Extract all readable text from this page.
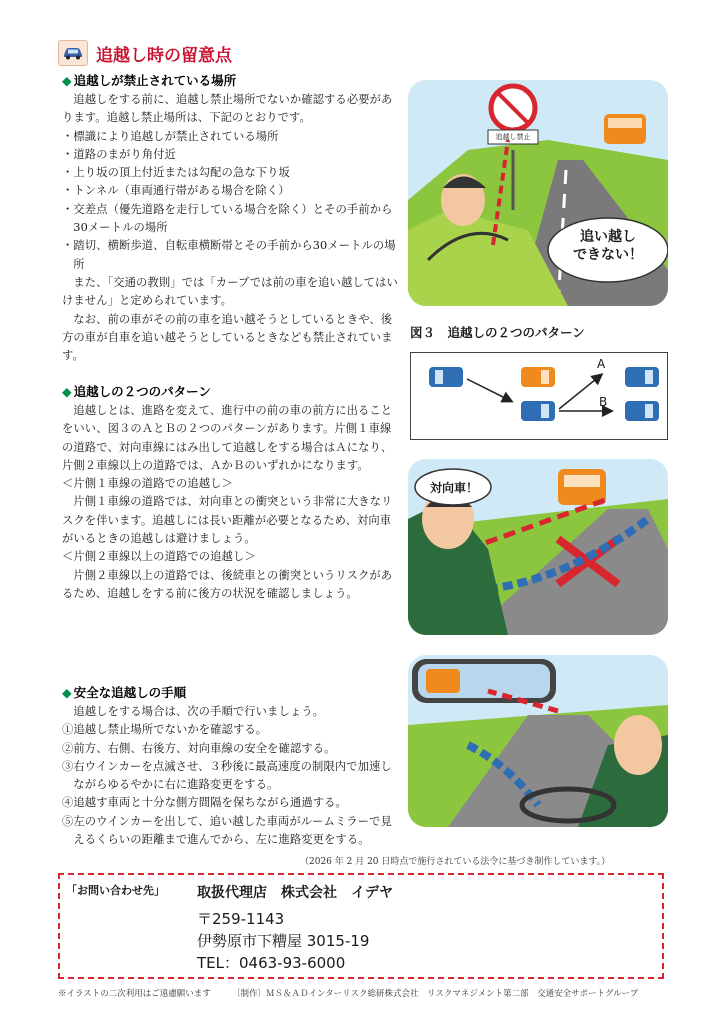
追越し時の留意点
◆ 追越しが禁止されている場所

追越しをする前に、追越し禁止場所でないか確認する必要があります。追越し禁止場所は、下記のとおりです。

・標識により追越しが禁止されている場所

・道路のまがり角付近

・上り坂の頂上付近または勾配の急な下り坂

・トンネル（車両通行帯がある場合を除く）

・交差点（優先道路を走行している場合を除く）とその手前から30メートルの場所

・踏切、横断歩道、自転車横断帯とその手前から30メートルの場所

また、「交通の教則」では「カーブでは前の車を追い越してはいけません」と定められています。

なお、前の車がその前の車を追い越そうとしているときや、後方の車が自車を追い越そうとしているときなども禁止されています。

◆ 追越しの２つのパターン

追越しとは、進路を変えて、進行中の前の車の前方に出ることをいい、図３のＡとＢの２つのパターンがあります。片側１車線の道路で、対向車線にはみ出して追越しをする場合はＡになり、片側２車線以上の道路では、ＡかＢのいずれかになります。

＜片側１車線の道路での追越し＞

片側１車線の道路では、対向車との衝突という非常に大きなリスクを伴います。追越しには長い距離が必要となるため、対向車がいるときの追越しは避けましょう。

＜片側２車線以上の道路での追越し＞

片側２車線以上の道路では、後続車との衝突というリスクがあるため、追越しをする前に後方の状況を確認しましょう。

◆ 安全な追越しの手順

追越しをする場合は、次の手順で行いましょう。

①追越し禁止場所でないかを確認する。

②前方、右側、右後方、対向車線の安全を確認する。

③右ウインカーを点滅させ、３秒後に最高速度の制限内で加速しながらゆるやかに右に進路変更をする。

④追越す車両と十分な側方間隔を保ちながら通過する。

⑤左のウインカーを出して、追い越した車両がルームミラーで見えるくらいの距離まで進んでから、左に進路変更をする。

追越し禁止
追い越し
できない！
図３　追越しの２つのパターン
A
B
対向車！
（2026 年 2 月 20 日時点で施行されている法令に基づき制作しています。）
「お問い合わせ先」 取扱代理店　株式会社　イデヤ
〒259-1143
伊勢原市下糟屋 3015-19
TEL：0463-93-6000
※イラストの二次利用はご遠慮願います	〔制作〕ＭＳ＆ＡＤインターリスク総研株式会社　リスクマネジメント第二部　交通安全サポートグループ
